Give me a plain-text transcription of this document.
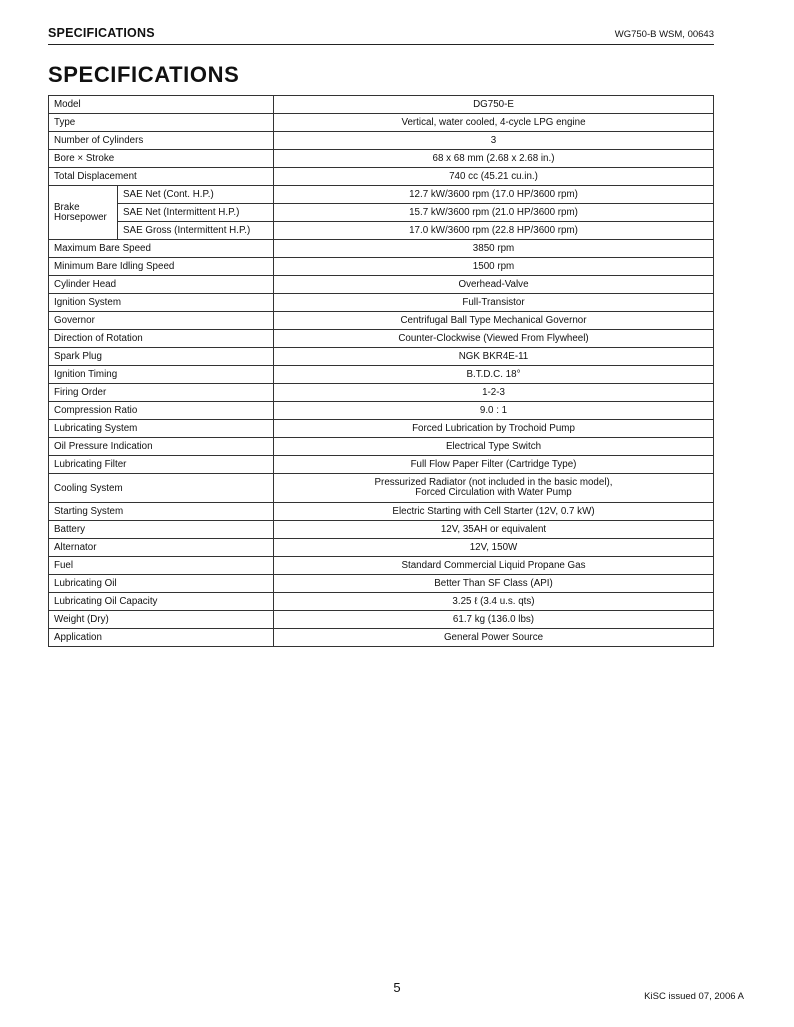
SPECIFICATIONS	WG750-B WSM, 00643
SPECIFICATIONS
Model		DG750-E
Type		Vertical, water cooled, 4-cycle LPG engine
Number of Cylinders		3
Bore × Stroke		68 x 68 mm (2.68 x 2.68 in.)
Total Displacement		740 cc (45.21 cu.in.)

Brake
Horsepower	SAE Net (Cont. H.P.)	12.7 kW/3600 rpm (17.0 HP/3600 rpm)
	SAE Net (Intermittent H.P.)	15.7 kW/3600 rpm (21.0 HP/3600 rpm)
	SAE Gross (Intermittent H.P.)	17.0 kW/3600 rpm (22.8 HP/3600 rpm)
Maximum Bare Speed		3850 rpm
Minimum Bare Idling Speed		1500 rpm
Cylinder Head		Overhead-Valve
Ignition System		Full-Transistor
Governor		Centrifugal Ball Type Mechanical Governor
Direction of Rotation		Counter-Clockwise (Viewed From Flywheel)
Spark Plug		NGK BKR4E-11
Ignition Timing		B.T.D.C. 18°
Firing Order		1-2-3
Compression Ratio		9.0 : 1
Lubricating System		Forced Lubrication by Trochoid Pump
Oil Pressure Indication		Electrical Type Switch
Lubricating Filter		Full Flow Paper Filter (Cartridge Type)
Cooling System		Pressurized Radiator (not included in the basic model),
Forced Circulation with Water Pump

Starting System		Electric Starting with Cell Starter (12V, 0.7 kW)
Battery		12V, 35AH or equivalent
Alternator		12V, 150W
Fuel		Standard Commercial Liquid Propane Gas
Lubricating Oil		Better Than SF Class (API)
Lubricating Oil Capacity		3.25 ℓ (3.4 u.s. qts)
Weight (Dry)		61.7 kg (136.0 lbs)
Application		General Power Source
5
KiSC issued 07, 2006 A
